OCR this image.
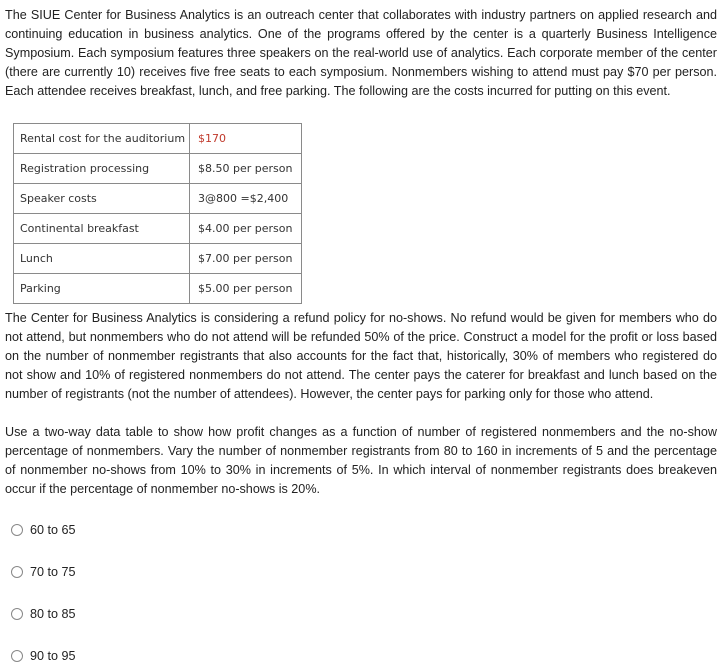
The SIUE Center for Business Analytics is an outreach center that collaborates with industry partners on applied research and continuing education in business analytics. One of the programs offered by the center is a quarterly Business Intelligence Symposium. Each symposium features three speakers on the real-world use of analytics. Each corporate member of the center (there are currently 10) receives five free seats to each symposium. Nonmembers wishing to attend must pay $70 per person. Each attendee receives breakfast, lunch, and free parking. The following are the costs incurred for putting on this event.

Rental cost for the auditorium	$170
Registration processing	$8.50 per person
Speaker costs	3@800 =$2,400
Continental breakfast	$4.00 per person
Lunch	$7.00 per person
Parking	$5.00 per person

The Center for Business Analytics is considering a refund policy for no-shows. No refund would be given for members who do not attend, but nonmembers who do not attend will be refunded 50% of the price. Construct a model for the profit or loss based on the number of nonmember registrants that also accounts for the fact that, historically, 30% of members who registered do not show and 10% of registered nonmembers do not attend. The center pays the caterer for breakfast and lunch based on the number of registrants (not the number of attendees). However, the center pays for parking only for those who attend.

Use a two-way data table to show how profit changes as a function of number of registered nonmembers and the no-show percentage of nonmembers. Vary the number of nonmember registrants from 80 to 160 in increments of 5 and the percentage of nonmember no-shows from 10% to 30% in increments of 5%. In which interval of nonmember registrants does breakeven occur if the percentage of nonmember no-shows is 20%.

60 to 65
70 to 75
80 to 85
90 to 95
